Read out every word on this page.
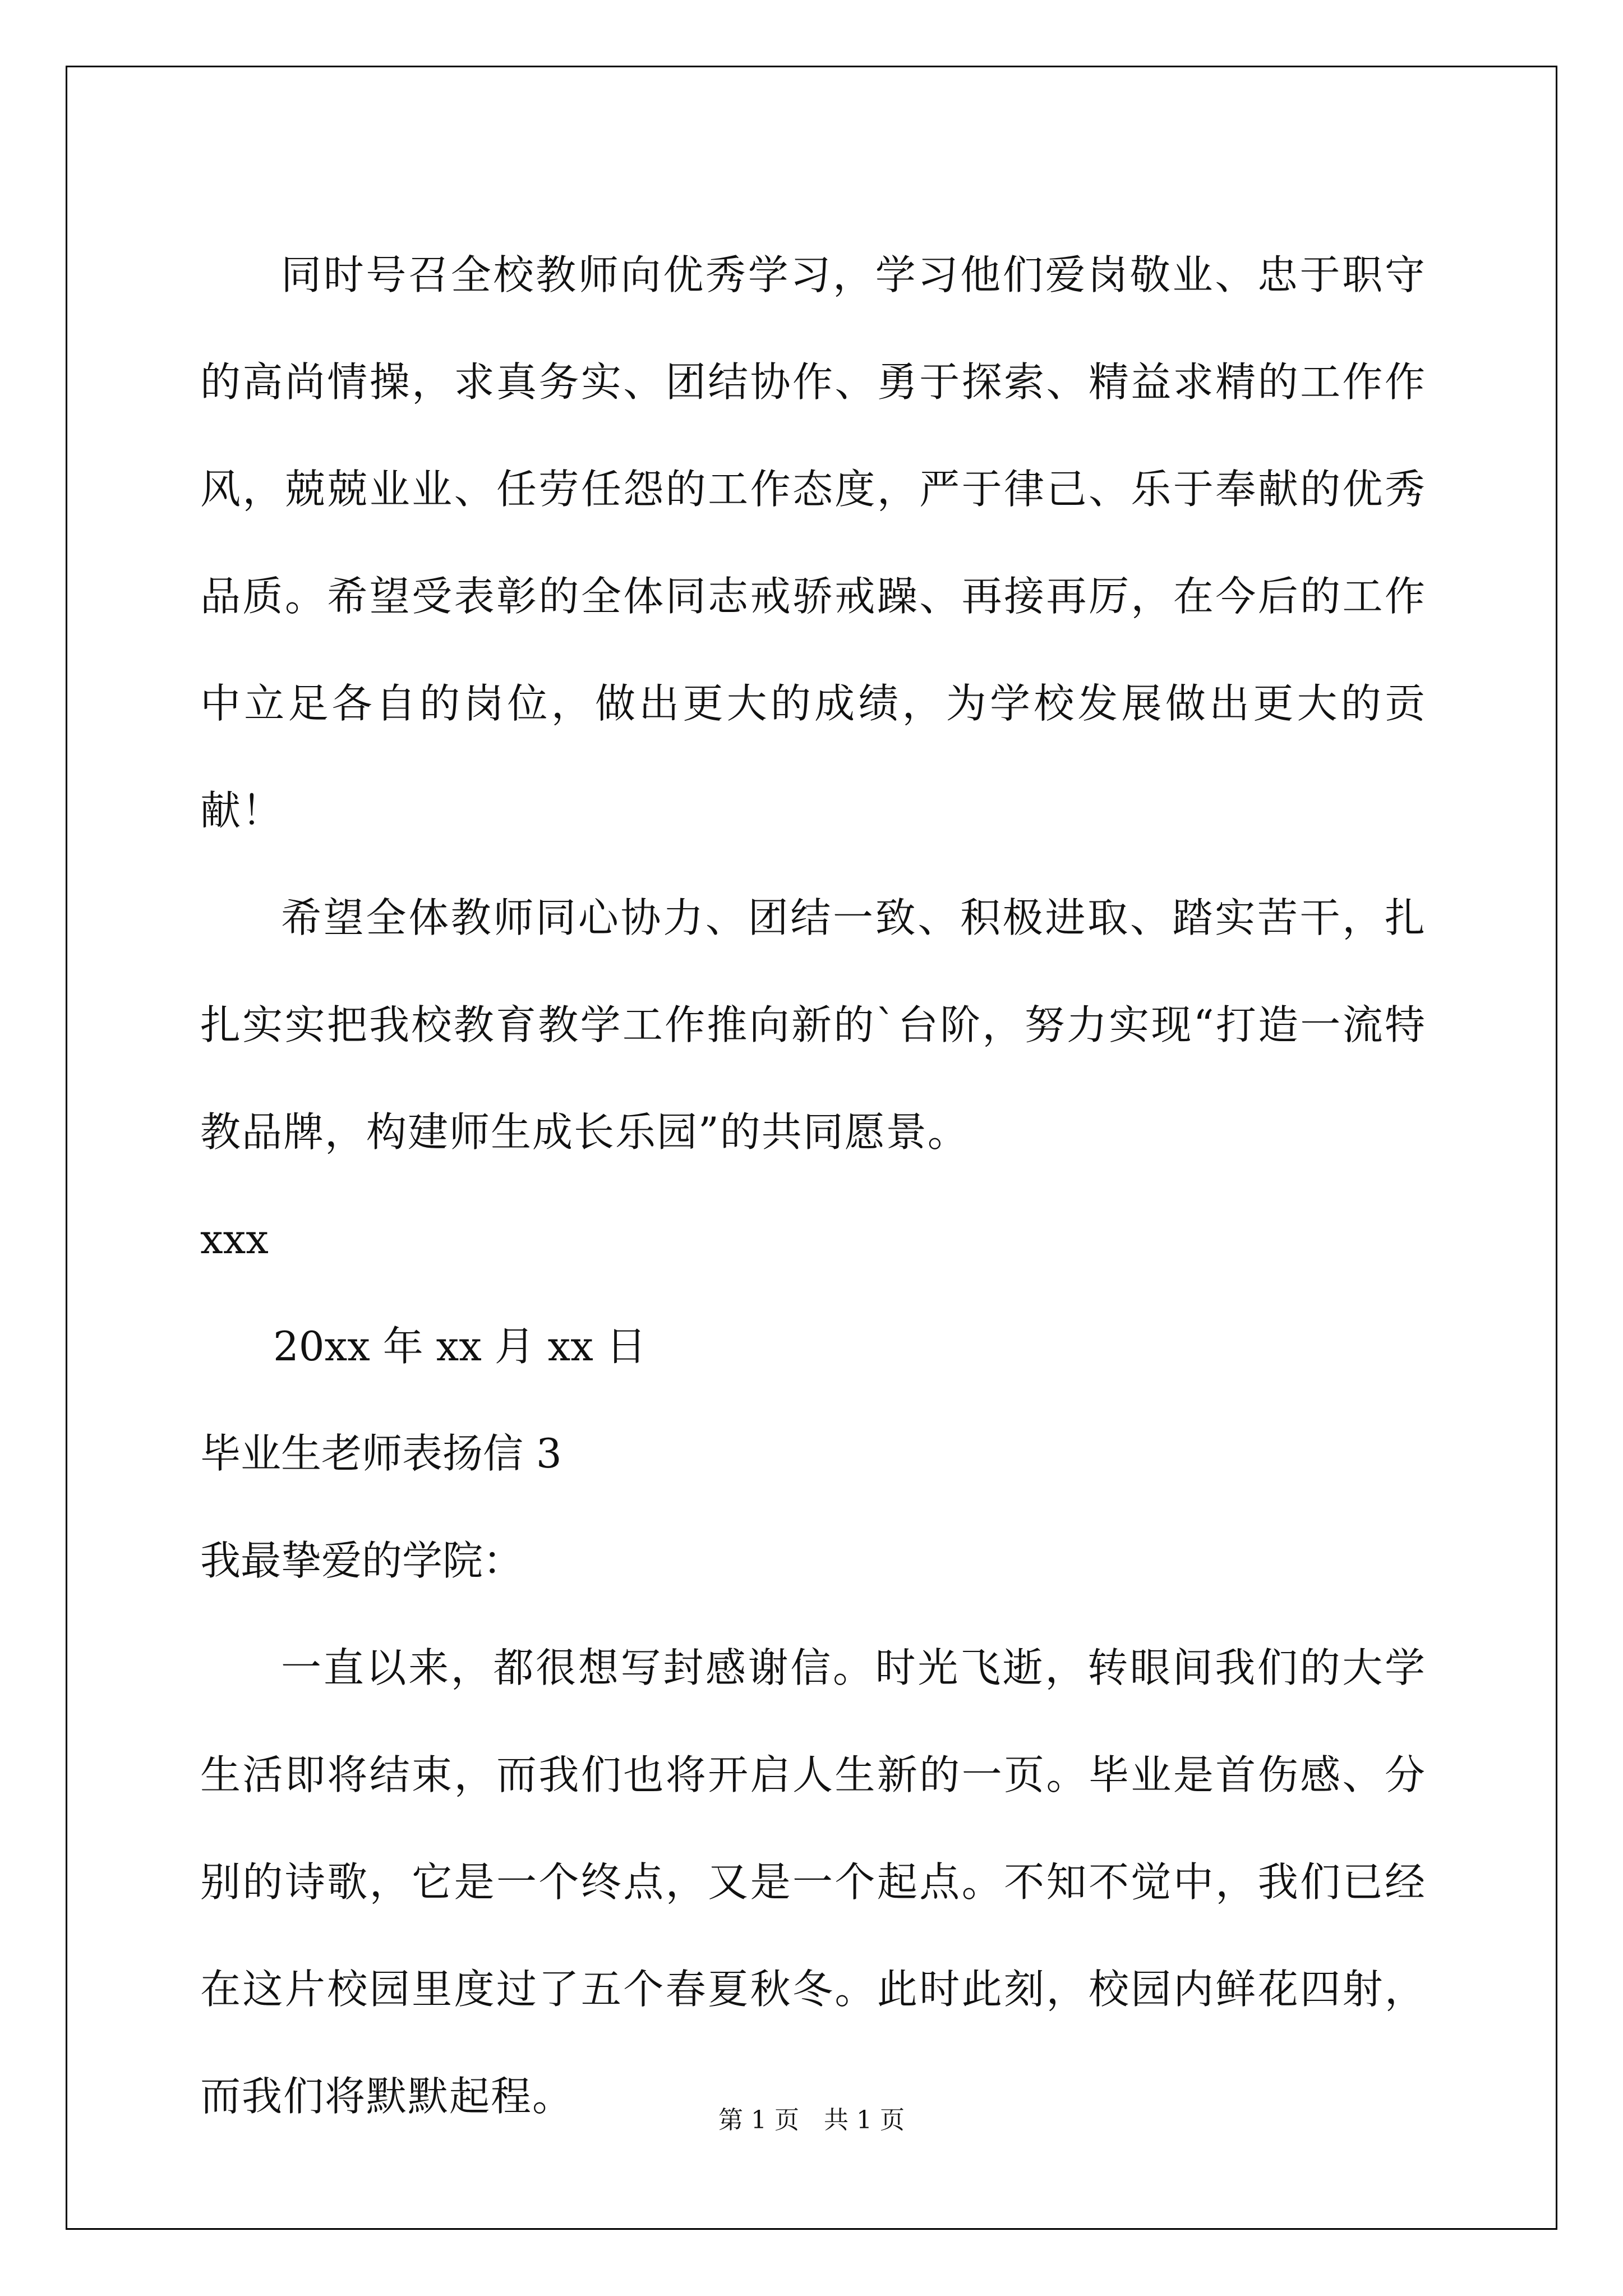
同时号召全校教师向优秀学习，学习他们爱岗敬业、忠于职守的高尚情操，求真务实、团结协作、勇于探索、精益求精的工作作风，兢兢业业、任劳任怨的工作态度，严于律己、乐于奉献的优秀品质。希望受表彰的全体同志戒骄戒躁、再接再厉，在今后的工作中立足各自的岗位，做出更大的成绩，为学校发展做出更大的贡献！

希望全体教师同心协力、团结一致、积极进取、踏实苦干，扎扎实实把我校教育教学工作推向新的`台阶，努力实现“打造一流特教品牌，构建师生成长乐园”的共同愿景。

xxx

20xx 年 xx 月 xx 日

毕业生老师表扬信 3

我最挚爱的学院：

一直以来，都很想写封感谢信。时光飞逝，转眼间我们的大学生活即将结束，而我们也将开启人生新的一页。毕业是首伤感、分别的诗歌，它是一个终点，又是一个起点。不知不觉中，我们已经在这片校园里度过了五个春夏秋冬。此时此刻，校园内鲜花四射，而我们将默默起程。

第 1 页 共 1 页
